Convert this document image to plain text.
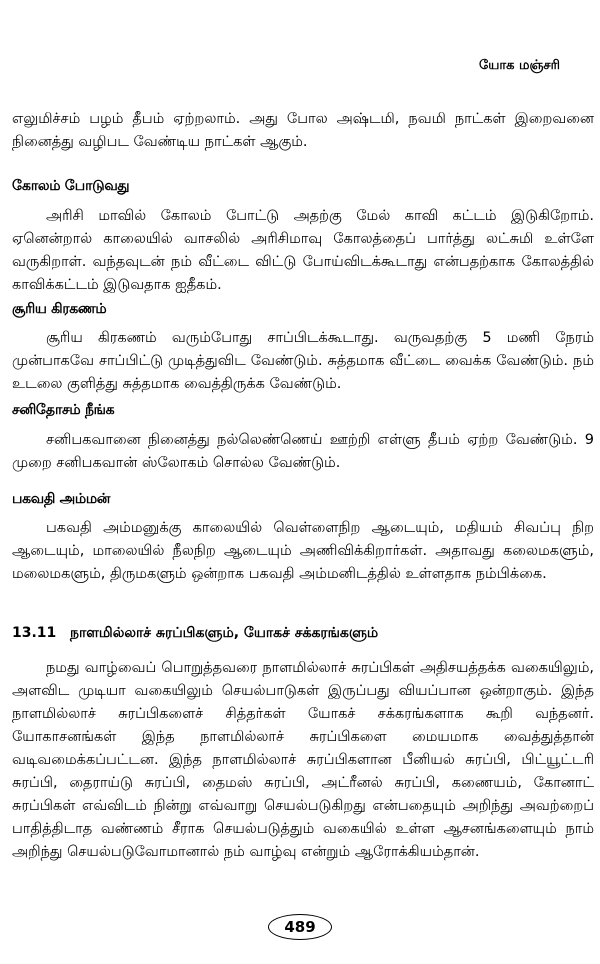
யோக மஞ்சரி

எலுமிச்சம் பழம் தீபம் ஏற்றலாம். அது போல அஷ்டமி, நவமி நாட்கள் இறைவனை நினைத்து வழிபட வேண்டிய நாட்கள் ஆகும்.

கோலம் போடுவது

அரிசி மாவில் கோலம் போட்டு அதற்கு மேல் காவி கட்டம் இடுகிறோம். ஏனென்றால் காலையில் வாசலில் அரிசிமாவு கோலத்தைப் பார்த்து லட்சுமி உள்ளே வருகிறாள். வந்தவுடன் நம் வீட்டை விட்டு போய்விடக்கூடாது என்பதற்காக கோலத்தில் காவிக்கட்டம் இடுவதாக ஐதீகம்.

சூரிய கிரகணம்

சூரிய கிரகணம் வரும்போது சாப்பிடக்கூடாது. வருவதற்கு 5 மணி நேரம் முன்பாகவே சாப்பிட்டு முடித்துவிட வேண்டும். சுத்தமாக வீட்டை வைக்க வேண்டும். நம் உடலை குளித்து சுத்தமாக வைத்திருக்க வேண்டும்.

சனிதோசம் நீங்க

சனிபகவானை நினைத்து நல்லெண்ணெய் ஊற்றி எள்ளு தீபம் ஏற்ற வேண்டும். 9 முறை சனிபகவான் ஸ்லோகம் சொல்ல வேண்டும்.

பகவதி அம்மன்

பகவதி அம்மனுக்கு காலையில் வெள்ளைநிற ஆடையும், மதியம் சிவப்பு நிற ஆடையும், மாலையில் நீலநிற ஆடையும் அணிவிக்கிறார்கள். அதாவது கலைமகளும், மலைமகளும், திருமகளும் ஒன்றாக பகவதி அம்மனிடத்தில் உள்ளதாக நம்பிக்கை.

13.11 நாளமில்லாச் சுரப்பிகளும், யோகச் சக்கரங்களும்

நமது வாழ்வைப் பொறுத்தவரை நாளமில்லாச் சுரப்பிகள் அதிசயத்தக்க வகையிலும், அளவிட முடியா வகையிலும் செயல்பாடுகள் இருப்பது வியப்பான ஒன்றாகும். இந்த நாளமில்லாச் சுரப்பிகளைச் சித்தர்கள் யோகச் சக்கரங்களாக கூறி வந்தனர். யோகாசனங்கள் இந்த நாளமில்லாச் சுரப்பிகளை மையமாக வைத்துத்தான் வடிவமைக்கப்பட்டன. இந்த நாளமில்லாச் சுரப்பிகளான பீனியல் சுரப்பி, பிட்யூட்டரி சுரப்பி, தைராய்டு சுரப்பி, தைமஸ் சுரப்பி, அட்ரீனல் சுரப்பி, கணையம், கோனாட் சுரப்பிகள் எவ்விடம் நின்று எவ்வாறு செயல்படுகிறது என்பதையும் அறிந்து அவற்றைப் பாதித்திடாத வண்ணம் சீராக செயல்படுத்தும் வகையில் உள்ள ஆசனங்களையும் நாம் அறிந்து செயல்படுவோமானால் நம் வாழ்வு என்றும் ஆரோக்கியம்தான்.

489
